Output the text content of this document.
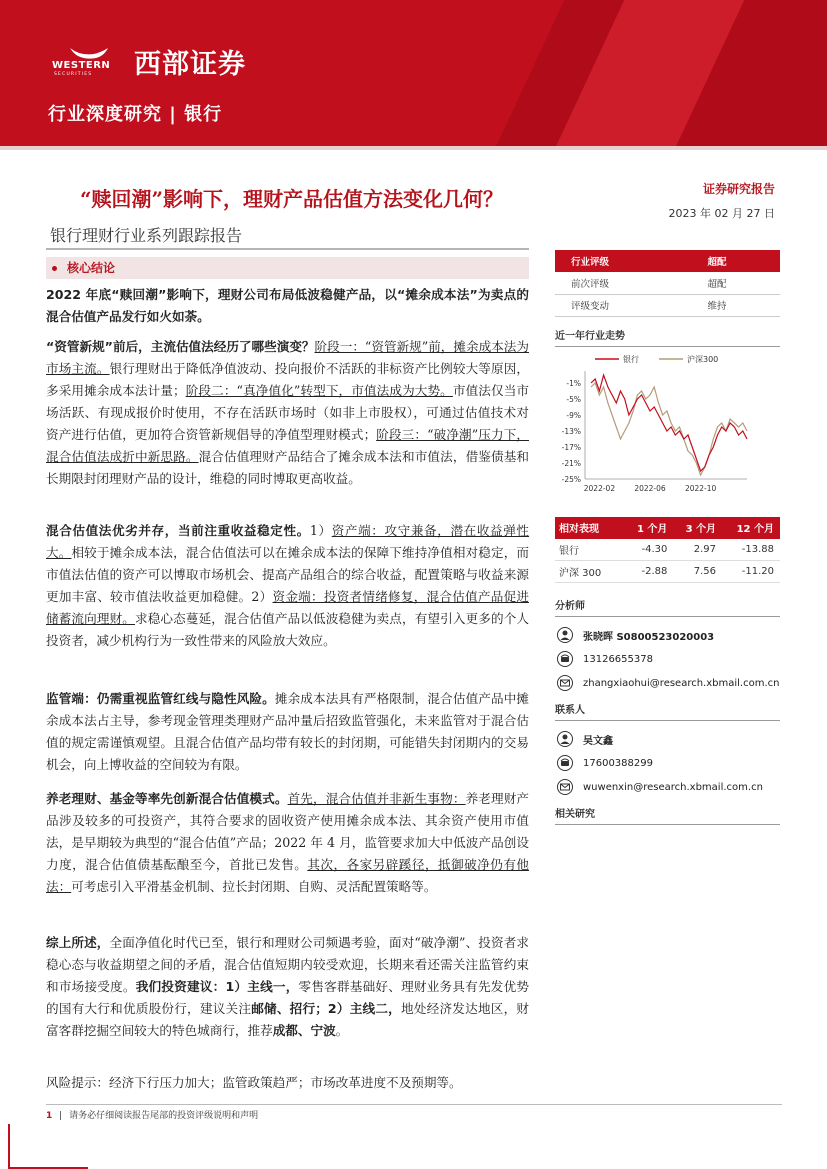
WESTERN
SECURITIES 西部证券
行业深度研究 | 银行
“赎回潮”影响下，理财产品估值方法变化几何？	证券研究报告
2023 年 02 月 27 日
银行理财行业系列跟踪报告
核心结论
2022 年底“赎回潮”影响下，理财公司布局低波稳健产品，以“摊余成本法”为卖点的混合估值产品发行如火如荼。
“资管新规”前后，主流估值法经历了哪些演变？阶段一：“资管新规”前，摊余成本法为市场主流。银行理财出于降低净值波动、投向报价不活跃的非标资产比例较大等原因，多采用摊余成本法计量；阶段二：“真净值化”转型下，市值法成为大势。市值法仅当市场活跃、有现成报价时使用，不存在活跃市场时（如非上市股权），可通过估值技术对资产进行估值，更加符合资管新规倡导的净值型理财模式；阶段三：“破净潮”压力下，混合估值法成折中新思路。混合估值理财产品结合了摊余成本法和市值法，借鉴债基和长期限封闭理财产品的设计，维稳的同时博取更高收益。
混合估值法优劣并存，当前注重收益稳定性。1）资产端：攻守兼备，潜在收益弹性大。相较于摊余成本法，混合估值法可以在摊余成本法的保障下维持净值相对稳定，而市值法估值的资产可以博取市场机会、提高产品组合的综合收益，配置策略与收益来源更加丰富、较市值法收益更加稳健。2）资金端：投资者情绪修复，混合估值产品促进储蓄流向理财。求稳心态蔓延，混合估值产品以低波稳健为卖点，有望引入更多的个人投资者，减少机构行为一致性带来的风险放大效应。
监管端：仍需重视监管红线与隐性风险。摊余成本法具有严格限制，混合估值产品中摊余成本法占主导，参考现金管理类理财产品冲量后招致监管强化，未来监管对于混合估值的规定需谨慎观望。且混合估值产品均带有较长的封闭期，可能错失封闭期内的交易机会，向上博收益的空间较为有限。
养老理财、基金等率先创新混合估值模式。首先，混合估值并非新生事物：养老理财产品涉及较多的可投资产，其符合要求的固收资产使用摊余成本法、其余资产使用市值法，是早期较为典型的“混合估值”产品；2022 年 4 月，监管要求加大中低波产品创设力度，混合估值债基酝酿至今，首批已发售。其次，各家另辟蹊径，抵御破净仍有他法：可考虑引入平滑基金机制、拉长封闭期、自购、灵活配置策略等。
综上所述，全面净值化时代已至，银行和理财公司频遇考验，面对“破净潮”、投资者求稳心态与收益期望之间的矛盾，混合估值短期内较受欢迎，长期来看还需关注监管约束和市场接受度。我们投资建议：1）主线一，零售客群基础好、理财业务具有先发优势的国有大行和优质股份行，建议关注邮储、招行；2）主线二，地处经济发达地区，财富客群挖掘空间较大的特色城商行，推荐成都、宁波。
风险提示：经济下行压力加大；监管政策趋严；市场改革进度不及预期等。
行业评级	超配
前次评级	超配
评级变动	维持
近一年行业走势
银行	沪深300
-1%
-5%
-9%
-13%
-17%
-21%
-25%
2022-02	2022-06	2022-10
相对表现	1 个月	3 个月	12 个月
银行	-4.30	2.97	-13.88
沪深 300	-2.88	7.56	-11.20
分析师
张晓晖 S0800523020003
13126655378
zhangxiaohui@research.xbmail.com.cn
联系人
吴文鑫
17600388299
wuwenxin@research.xbmail.com.cn
相关研究
1 | 请务必仔细阅读报告尾部的投资评级说明和声明
